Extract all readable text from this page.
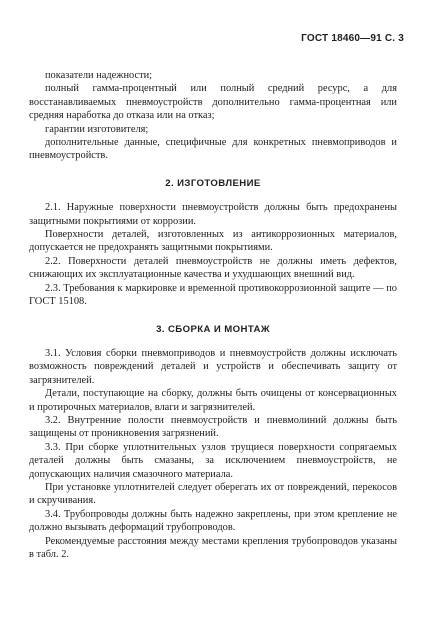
ГОСТ 18460—91 С. 3

показатели надежности;

полный гамма-процентный или полный средний ресурс, а для восстанавливаемых пневмоустройств дополнительно гамма-процентная или средняя наработка до отказа или на отказ;

гарантии изготовителя;

дополнительные данные, специфичные для конкретных пневмоприводов и пневмоустройств.

2. ИЗГОТОВЛЕНИЕ

2.1. Наружные поверхности пневмоустройств должны быть предохранены защитными покрытиями от коррозии.

Поверхности деталей, изготовленных из антикоррозионных материалов, допускается не предохранять защитными покрытиями.

2.2. Поверхности деталей пневмоустройств не должны иметь дефектов, снижающих их эксплуатационные качества и ухудшающих внешний вид.

2.3. Требования к маркировке и временной противокоррозионной защите — по ГОСТ 15108.

3. СБОРКА И МОНТАЖ

3.1. Условия сборки пневмоприводов и пневмоустройств должны исключать возможность повреждений деталей и устройств и обеспечивать защиту от загрязнителей.

Детали, поступающие на сборку, должны быть очищены от консервационных и протирочных материалов, влаги и загрязнителей.

3.2. Внутренние полости пневмоустройств и пневмолиний должны быть защищены от проникновения загрязнений.

3.3. При сборке уплотнительных узлов трущиеся поверхности сопрягаемых деталей должны быть смазаны, за исключением пневмоустройств, не допускающих наличия смазочного материала.

При установке уплотнителей следует оберегать их от повреждений, перекосов и скручивания.

3.4. Трубопроводы должны быть надежно закреплены, при этом крепление не должно вызывать деформаций трубопроводов.

Рекомендуемые расстояния между местами крепления трубопроводов указаны в табл. 2.
